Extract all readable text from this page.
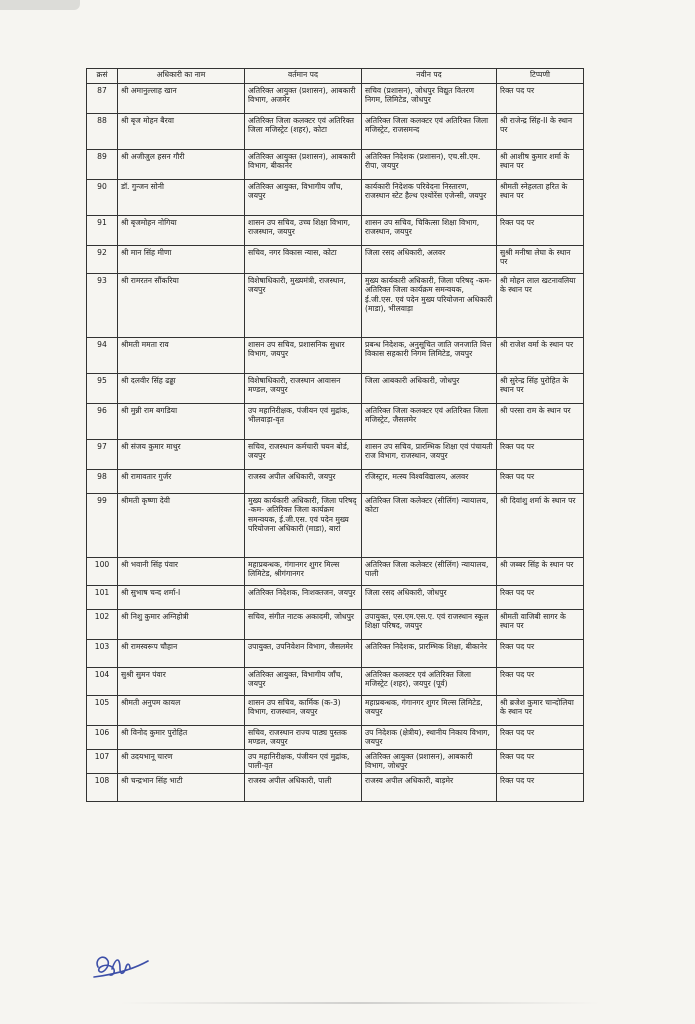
क्रसं	अधिकारी का नाम	वर्तमान पद	नवीन पद	टिप्पणी
87	श्री अमानुल्लाह खान	अतिरिक्त आयुक्त (प्रशासन), आबकारी विभाग, अजमेर	सचिव (प्रशासन), जोधपुर विद्युत वितरण निगम, लिमिटेड, जोधपुर	रिक्त पद पर
88	श्री बृज मोहन बैरवा	अतिरिक्त जिला कलक्टर एवं अतिरिक्त जिला मजिस्ट्रेट (शहर), कोटा	अतिरिक्त जिला कलक्टर एवं अतिरिक्त जिला मजिस्ट्रेट, राजसमन्द	श्री राजेन्द्र सिंह-II के स्थान पर
89	श्री अजीजुल हसन गौरी	अतिरिक्त आयुक्त (प्रशासन), आबकारी विभाग, बीकानेर	अतिरिक्त निदेशक (प्रशासन), एच.सी.एम. रीपा, जयपुर	श्री आशीष कुमार शर्मा के स्थान पर
90	डॉ. गुन्जन सोनी	अतिरिक्त आयुक्त, विभागीय जाँच, जयपुर	कार्यकारी निदेशक परिवेदना निस्तारण, राजस्थान स्टेट हैल्थ एश्योरेंस एजेन्सी, जयपुर	श्रीमती स्नेहलता हरित के स्थान पर
91	श्री बृजमोहन नोगिया	शासन उप सचिव, उच्च शिक्षा विभाग, राजस्थान, जयपुर	शासन उप सचिव, चिकित्सा शिक्षा विभाग, राजस्थान, जयपुर	रिक्त पद पर
92	श्री मान सिंह मीणा	सचिव, नगर विकास न्यास, कोटा	जिला रसद अधिकारी, अलवर	सुश्री मनीषा लेघा के स्थान पर
93	श्री रामरतन सौंकरिया	विशेषाधिकारी, मुख्यमंत्री, राजस्थान, जयपुर	मुख्य कार्यकारी अधिकारी, जिला परिषद् -कम- अतिरिक्त जिला कार्यक्रम समन्वयक, ई.जी.एस. एवं पदेन मुख्य परियोजना अधिकारी (माडा), भीलवाड़ा	श्री मोहन लाल खटनावलिया के स्थान पर
94	श्रीमती ममता राव	शासन उप सचिव, प्रशासनिक सुधार विभाग, जयपुर	प्रबन्ध निदेशक, अनुसूचित जाति जनजाति वित्त विकास सहकारी निगम लिमिटेड, जयपुर	श्री राजेश वर्मा के स्थान पर
95	श्री दलवीर सिंह ढढ्ढा	विशेषाधिकारी, राजस्थान आवासन मण्डल, जयपुर	जिला आबकारी अधिकारी, जोधपुर	श्री सुरेन्द्र सिंह पुरोहित के स्थान पर
96	श्री मुन्नी राम बगडिया	उप महानिरीक्षक, पंजीयन एवं मुद्रांक, भीलवाड़ा-वृत	अतिरिक्त जिला कलक्टर एवं अतिरिक्त जिला मजिस्ट्रेट, जैसलमेर	श्री परसा राम के स्थान पर
97	श्री संजय कुमार माथुर	सचिव, राजस्थान कर्मचारी चयन बोर्ड, जयपुर	शासन उप सचिव, प्रारम्भिक शिक्षा एवं पंचायती राज विभाग, राजस्थान, जयपुर	रिक्त पद पर
98	श्री रामावतार गुर्जर	राजस्व अपील अधिकारी, जयपुर	रजिस्ट्रार, मत्स्य विश्वविद्यालय, अलवर	रिक्त पद पर
99	श्रीमती कृष्णा देवी	मुख्य कार्यकारी अधिकारी, जिला परिषद् -कम- अतिरिक्त जिला कार्यक्रम समन्वयक, ई.जी.एस. एवं पदेन मुख्य परियोजना अधिकारी (माडा), बारां	अतिरिक्त जिला कलेक्टर (सीलिंग) न्यायालय, कोटा	श्री दिवांशु शर्मा के स्थान पर
100	श्री भवानी सिंह पंवार	महाप्रबन्धक, गंगानगर शुगर मिल्स लिमिटेड, श्रीगंगानगर	अतिरिक्त जिला कलेक्टर (सीलिंग) न्यायालय, पाली	श्री जब्बर सिंह के स्थान पर
101	श्री सुभाष चन्द शर्मा-I	अतिरिक्त निदेशक, निःशक्तजन, जयपुर	जिला रसद अधिकारी, जोधपुर	रिक्त पद पर
102	श्री निशु कुमार अग्निहोत्री	सचिव, संगीत नाटक अकादमी, जोधपुर	उपायुक्त, एस.एम.एस.ए. एवं राजस्थान स्कूल शिक्षा परिषद, जयपुर	श्रीमती वाजिबी सागर के स्थान पर
103	श्री रामस्वरूप चौहान	उपायुक्त, उपनिवेशन विभाग, जैसलमेर	अतिरिक्त निदेशक, प्रारम्भिक शिक्षा, बीकानेर	रिक्त पद पर
104	सुश्री सुमन पंवार	अतिरिक्त आयुक्त, विभागीय जाँच, जयपुर	अतिरिक्त कलक्टर एवं अतिरिक्त जिला मजिस्ट्रेट (शहर), जयपुर (पूर्व)	रिक्त पद पर
105	श्रीमती अनुपम कायल	शासन उप सचिव, कार्मिक (क-3) विभाग, राजस्थान, जयपुर	महाप्रबन्धक, गंगानगर शुगर मिल्स लिमिटेड, जयपुर	श्री ब्रजेश कुमार चान्दोलिया के स्थान पर
106	श्री विनोद कुमार पुरोहित	सचिव, राजस्थान राज्य पाठ्य पुस्तक मण्डल, जयपुर	उप निदेशक (क्षेत्रीय), स्थानीय निकाय विभाग, जयपुर	रिक्त पद पर
107	श्री उदयभानू चारण	उप महानिरीक्षक, पंजीयन एवं मुद्रांक, पाली-वृत	अतिरिक्त आयुक्त (प्रशासन), आबकारी विभाग, जोधपुर	रिक्त पद पर
108	श्री चन्द्रभान सिंह भाटी	राजस्व अपील अधिकारी, पाली	राजस्व अपील अधिकारी, बाड़मेर	रिक्त पद पर
